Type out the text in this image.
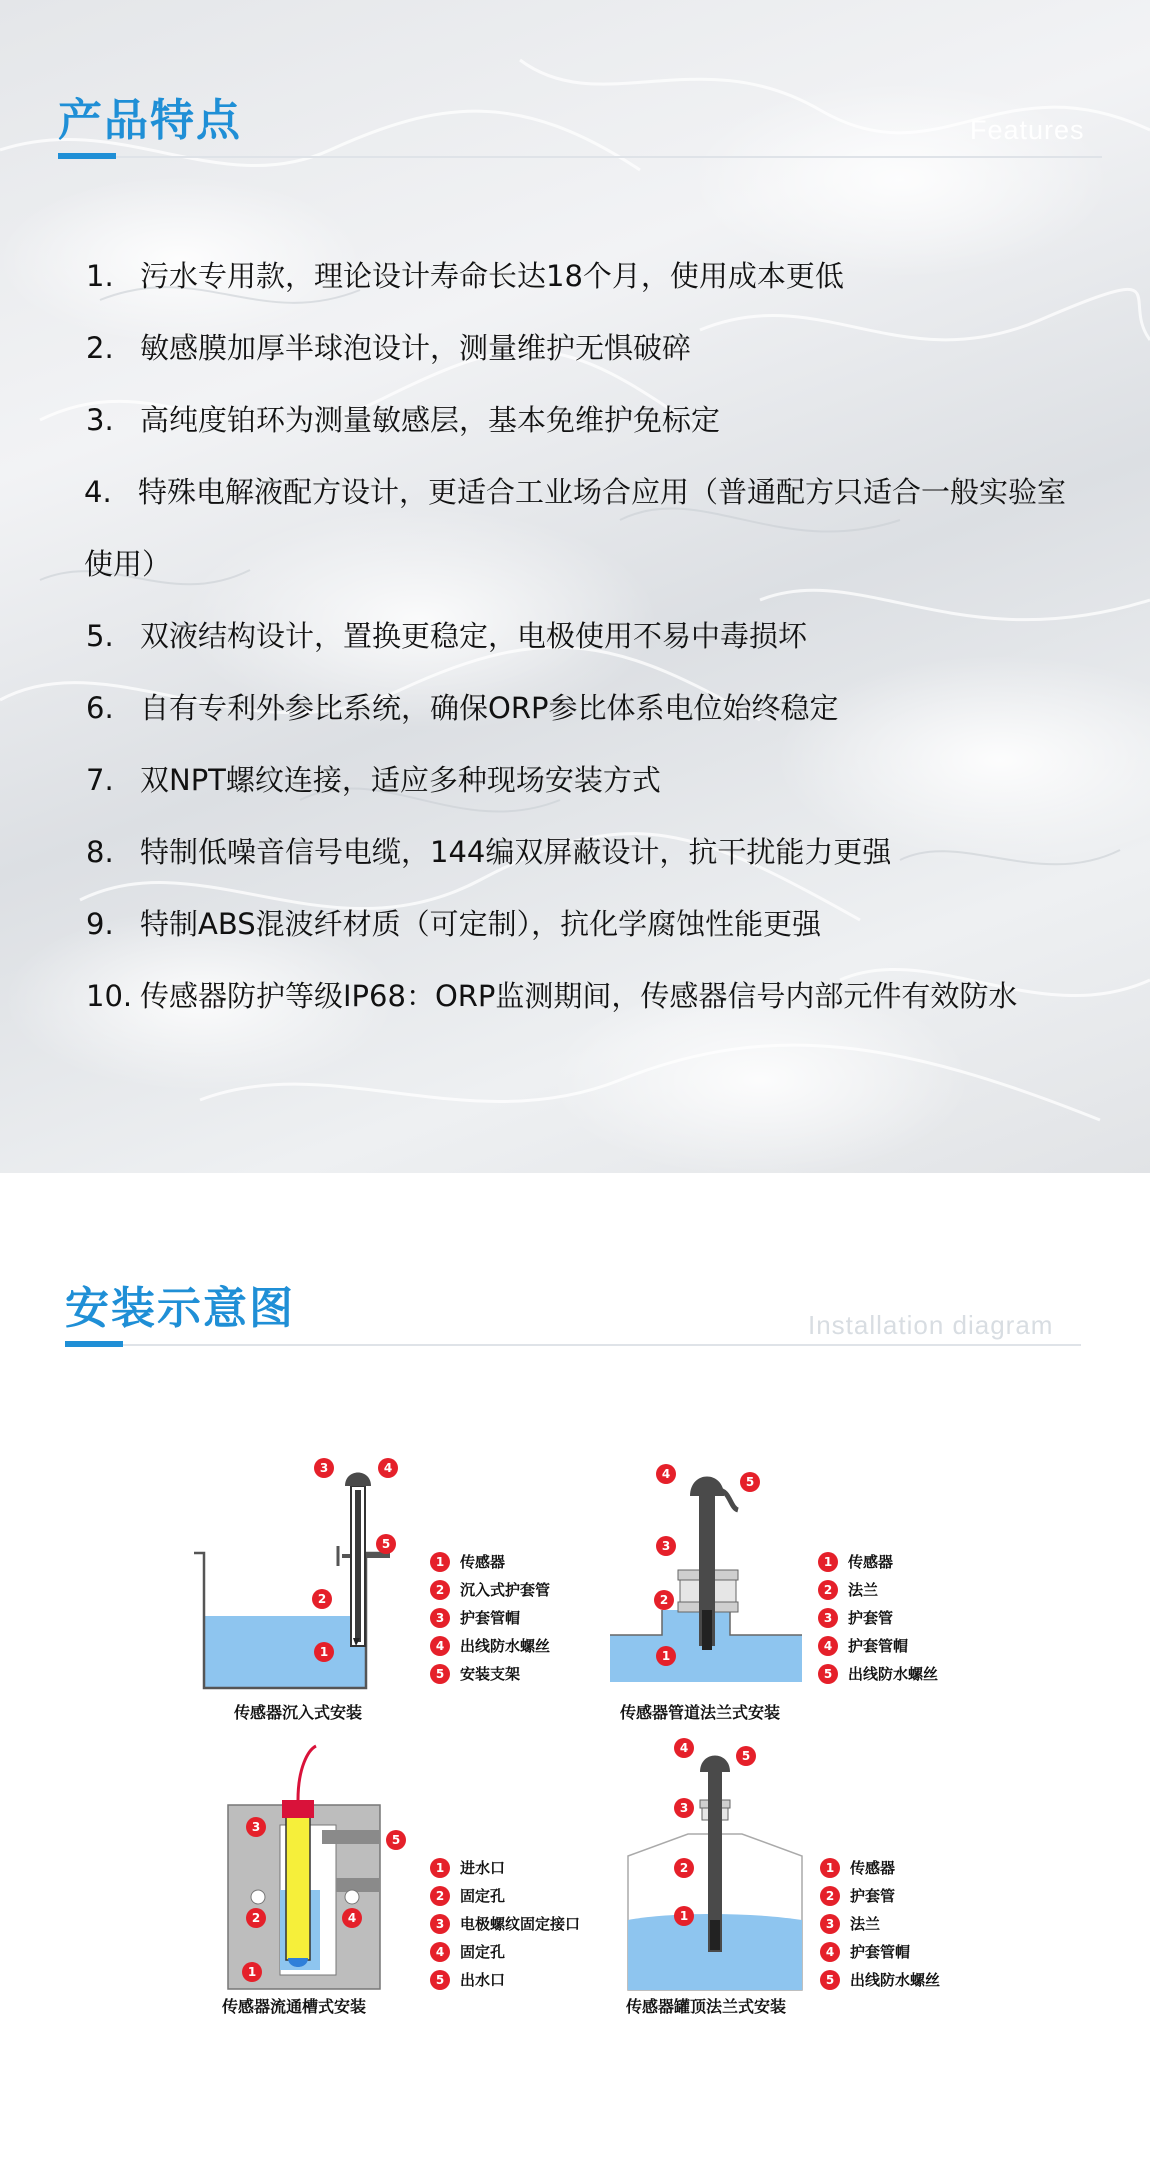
产品特点	Features
1. 污水专用款，理论设计寿命长达18个月，使用成本更低
2. 敏感膜加厚半球泡设计，测量维护无惧破碎
3. 高纯度铂环为测量敏感层，基本免维护免标定
4. 特殊电解液配方设计，更适合工业场合应用（普通配方只适合一般实验室使用）
5. 双液结构设计，置换更稳定，电极使用不易中毒损坏
6. 自有专利外参比系统，确保ORP参比体系电位始终稳定
7. 双NPT螺纹连接，适应多种现场安装方式
8. 特制低噪音信号电缆，144编双屏蔽设计，抗干扰能力更强
9. 特制ABS混波纤材质（可定制），抗化学腐蚀性能更强
10. 传感器防护等级IP68：ORP监测期间，传感器信号内部元件有效防水
安装示意图	Installation diagram
3	4
5
2
1
传感器沉入式安装
1 传感器
2 沉入式护套管
3 护套管帽
4 出线防水螺丝
5 安装支架
4
5
3
2
1
传感器管道法兰式安装
1 传感器
2 法兰
3 护套管
4 护套管帽
5 出线防水螺丝
3
5
2	4
1
传感器流通槽式安装
1 进水口
2 固定孔
3 电极螺纹固定接口
4 固定孔
5 出水口
4
5
3
2
1
传感器罐顶法兰式安装
1 传感器
2 护套管
3 法兰
4 护套管帽
5 出线防水螺丝
